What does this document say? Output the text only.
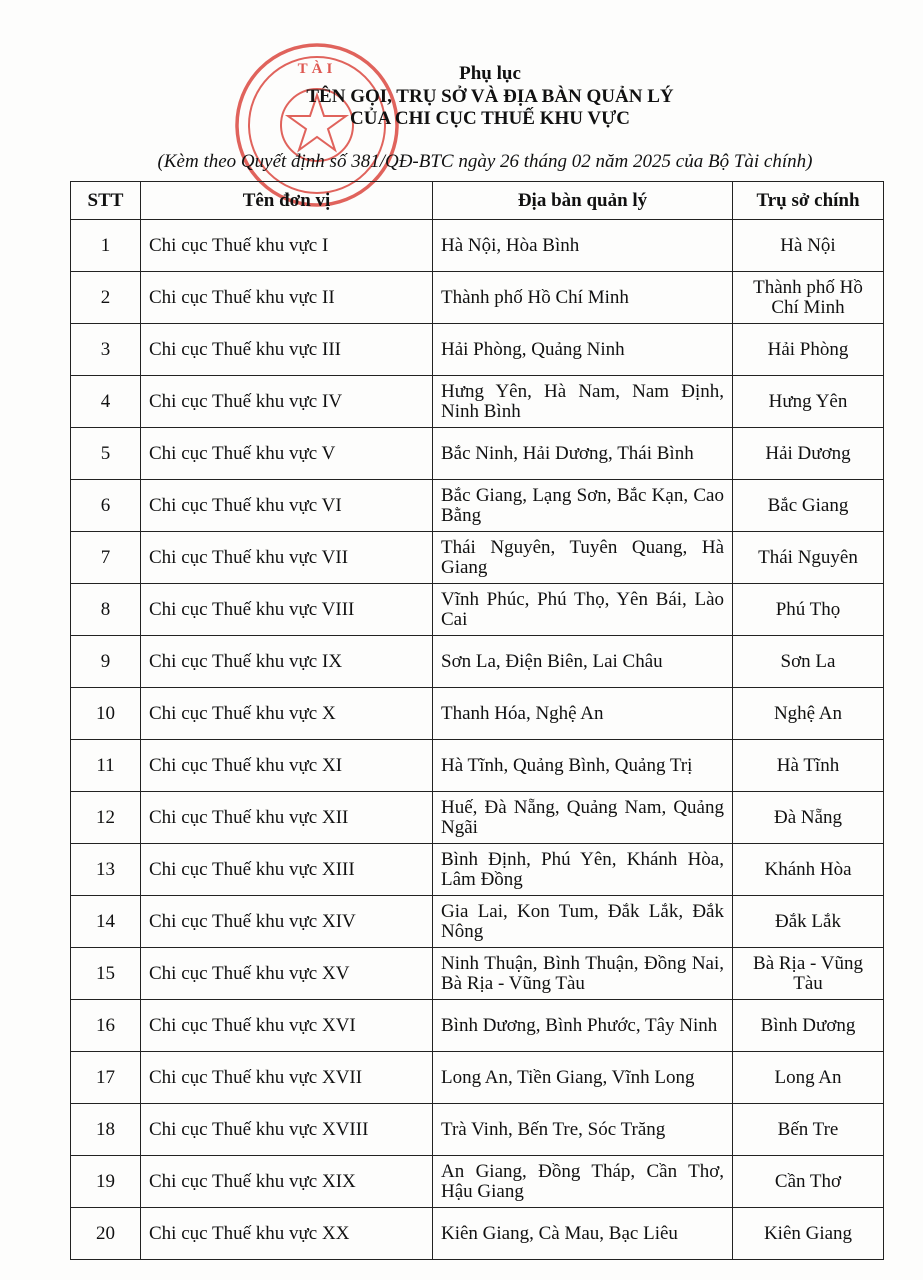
TÀI	Phụ lục
TÊN GỌI, TRỤ SỞ VÀ ĐỊA BÀN QUẢN LÝ
CỦA CHI CỤC THUẾ KHU VỰC
(Kèm theo Quyết định số 381/QĐ-BTC ngày 26 tháng 02 năm 2025 của Bộ Tài chính)
STT	Tên đơn vị	Địa bàn quản lý	Trụ sở chính
1	Chi cục Thuế khu vực I	Hà Nội, Hòa Bình	Hà Nội
2	Chi cục Thuế khu vực II	Thành phố Hồ Chí Minh	Thành phố Hồ Chí Minh
3	Chi cục Thuế khu vực III	Hải Phòng, Quảng Ninh	Hải Phòng
4	Chi cục Thuế khu vực IV	Hưng Yên, Hà Nam, Nam Định, Ninh Bình	Hưng Yên
5	Chi cục Thuế khu vực V	Bắc Ninh, Hải Dương, Thái Bình	Hải Dương
6	Chi cục Thuế khu vực VI	Bắc Giang, Lạng Sơn, Bắc Kạn, Cao Bằng	Bắc Giang
7	Chi cục Thuế khu vực VII	Thái Nguyên, Tuyên Quang, Hà Giang	Thái Nguyên
8	Chi cục Thuế khu vực VIII	Vĩnh Phúc, Phú Thọ, Yên Bái, Lào Cai	Phú Thọ
9	Chi cục Thuế khu vực IX	Sơn La, Điện Biên, Lai Châu	Sơn La
10	Chi cục Thuế khu vực X	Thanh Hóa, Nghệ An	Nghệ An
11	Chi cục Thuế khu vực XI	Hà Tĩnh, Quảng Bình, Quảng Trị	Hà Tĩnh
12	Chi cục Thuế khu vực XII	Huế, Đà Nẵng, Quảng Nam, Quảng Ngãi	Đà Nẵng
13	Chi cục Thuế khu vực XIII	Bình Định, Phú Yên, Khánh Hòa, Lâm Đồng	Khánh Hòa
14	Chi cục Thuế khu vực XIV	Gia Lai, Kon Tum, Đắk Lắk, Đắk Nông	Đắk Lắk
15	Chi cục Thuế khu vực XV	Ninh Thuận, Bình Thuận, Đồng Nai, Bà Rịa - Vũng Tàu	Bà Rịa - Vũng Tàu
16	Chi cục Thuế khu vực XVI	Bình Dương, Bình Phước, Tây Ninh	Bình Dương
17	Chi cục Thuế khu vực XVII	Long An, Tiền Giang, Vĩnh Long	Long An
18	Chi cục Thuế khu vực XVIII	Trà Vinh, Bến Tre, Sóc Trăng	Bến Tre
19	Chi cục Thuế khu vực XIX	An Giang, Đồng Tháp, Cần Thơ, Hậu Giang	Cần Thơ
20	Chi cục Thuế khu vực XX	Kiên Giang, Cà Mau, Bạc Liêu	Kiên Giang
